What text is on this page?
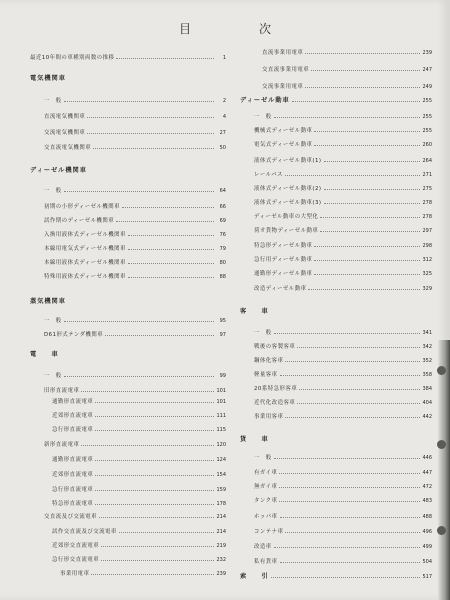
目　次
最近10年間の車種別両数の推移	1
電気機関車
一　般	2
直流電気機関車	4
交流電気機関車	27
交直流電気機関車	50
ディーゼル機関車
一　般	64
初期の小形ディーゼル機関車	66
試作期のディーゼル機関車	69
入換用液体式ディーゼル機関車	76
本線用電気式ディーゼル機関車	79
本線用液体式ディーゼル機関車	80
特殊用液体式ディーゼル機関車	88
蒸気機関車
一　般	95
D61形式テンダ機関車	97
電　　車
一　般	99
旧形直流電車	101
通勤形直流電車	101
近郊形直流電車	111
急行形直流電車	115
新形直流電車	120
通勤形直流電車	124
近郊形直流電車	154
急行形直流電車	159
特急形直流電車	178
交直流及び交流電車	214
試作交直流及び交流電車	214
近郊形交直流電車	219
急行形交直流電車	232
事業用電車	239
直流事業用電車	239
交直流事業用電車	247
交流事業用電車	249
ディーゼル動車	255
一　般	255
機械式ディーゼル動車	255
電気式ディーゼル動車	260
液体式ディーゼル動車(1)	264
レールバス	271
液体式ディーゼル動車(2)	275
液体式ディーゼル動車(3)	278
ディーゼル動車の大型化	278
荷オ貨物ディーゼル動車	297
特急形ディーゼル動車	298
急行用ディーゼル動車	312
通勤形ディーゼル動車	325
改造ディーゼル動車	329
客　　車
一　般	341
戦後の客製客車	342
鋼体化客車	352
軽量客車	358
20系特急形客車	384
近代化改造客車	404
事業用客車	442
貨　　車
一　般	446
有ガイ車	447
無ガイ車	472
タンク車	483
ホッパ車	488
コンテナ車	496
改造車	499
私有貨車	504
索　　引	517
